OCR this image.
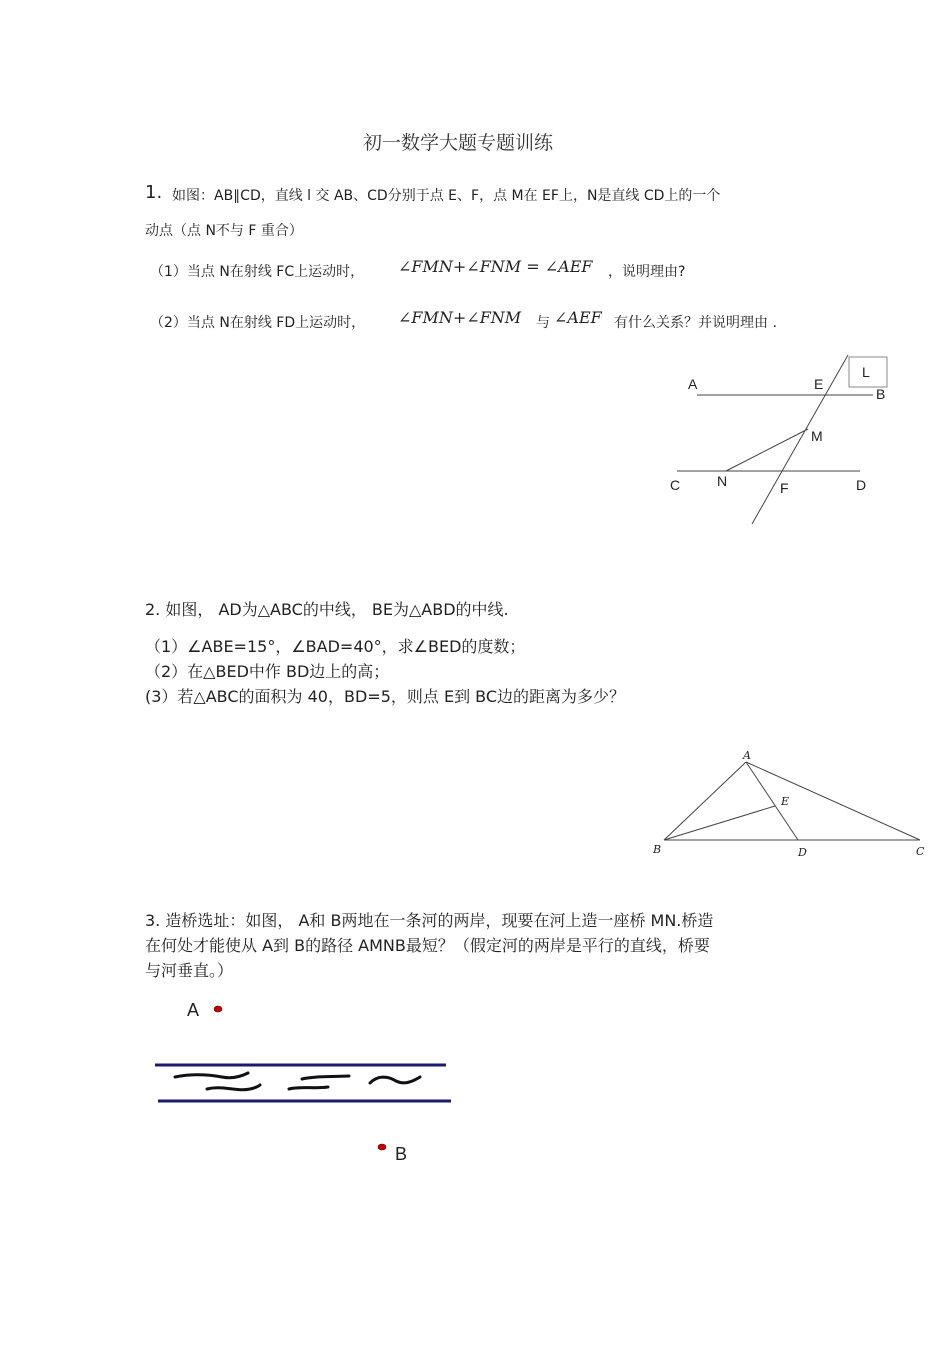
初一数学大题专题训练
1. 如图：AB∥CD，直线 l 交 AB、CD分别于点 E、F，点 M在 EF上，N是直线 CD上的一个
动点（点 N不与 F 重合）
（1）当点 N在射线 FC上运动时， ∠FMN+∠FNM = ∠AEF ，说明理由?
（2）当点 N在射线 FD上运动时， ∠FMN+∠FNM 与 ∠AEF 有什么关系？并说明理由 .
L
A	E
B
M
C	N	F	D
2. 如图， AD为△ABC的中线， BE为△ABD的中线.
（1）∠ABE=15°，∠BAD=40°，求∠BED的度数；
（2）在△BED中作 BD边上的高；
(3）若△ABC的面积为 40，BD=5，则点 E到 BC边的距离为多少？
A
E
B	D	C
3. 造桥选址：如图， A和 B两地在一条河的两岸，现要在河上造一座桥 MN.桥造
在何处才能使从 A到 B的路径 AMNB最短？（假定河的两岸是平行的直线，桥要
与河垂直。）
A
B
